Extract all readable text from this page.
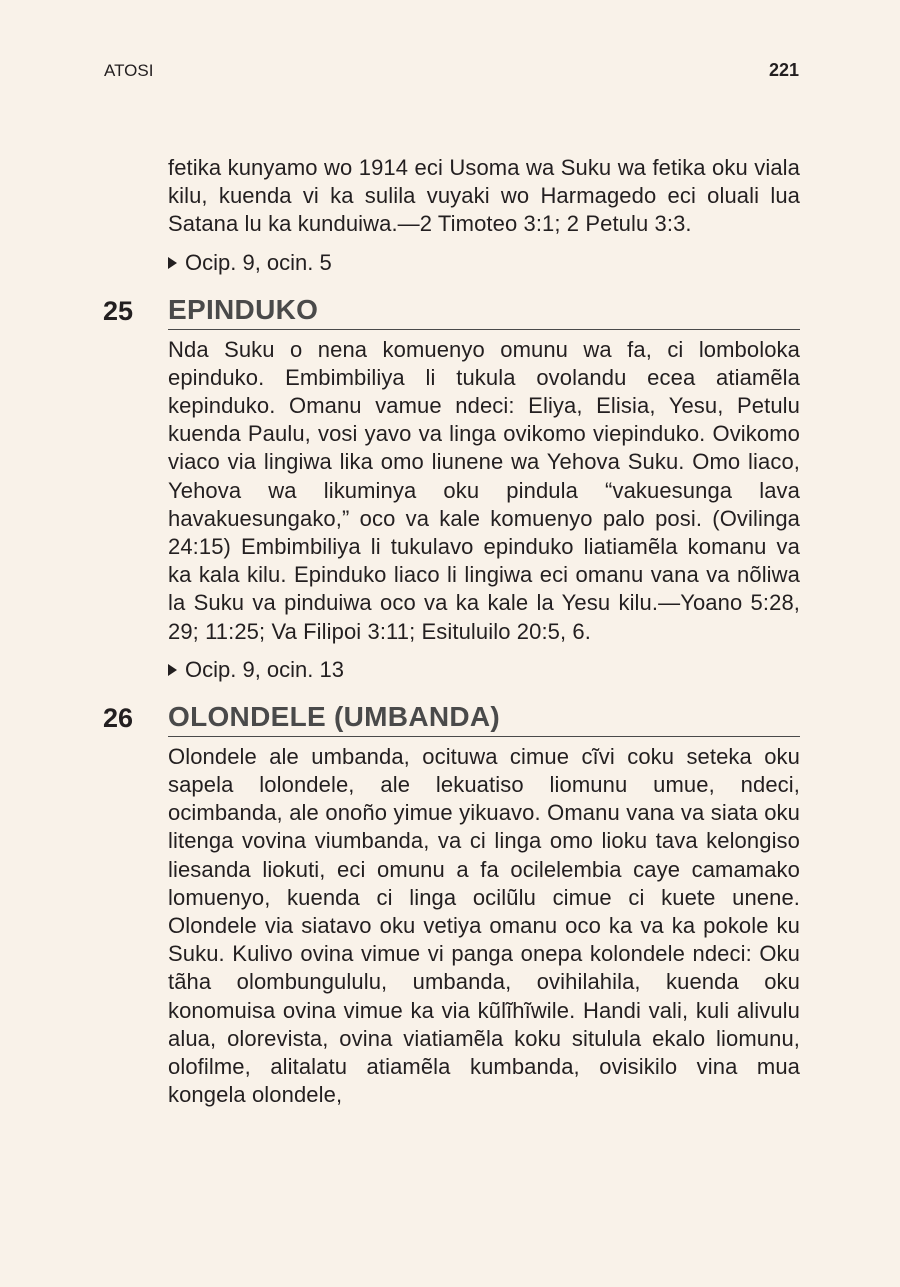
ATOSI	221

fetika kunyamo wo 1914 eci Usoma wa Suku wa fetika oku viala kilu, kuenda vi ka sulila vuyaki wo Harmagedo eci oluali lua Satana lu ka kunduiwa.—2 Timoteo 3:1; 2 Petulu 3:3.

Ocip. 9, ocin. 5
25 EPINDUKO

Nda Suku o nena komuenyo omunu wa fa, ci lomboloka epinduko. Embimbiliya li tukula ovolandu ecea atiamẽla kepinduko. Omanu vamue ndeci: Eliya, Elisia, Yesu, Petulu kuenda Paulu, vosi yavo va linga ovikomo viepinduko. Ovikomo viaco via lingiwa lika omo liunene wa Yehova Suku. Omo liaco, Yehova wa likuminya oku pindula “vakuesunga lava havakuesungako,” oco va kale komuenyo palo posi. (Ovilinga 24:15) Embimbiliya li tukulavo epinduko liatiamẽla komanu va ka kala kilu. Epinduko liaco li lingiwa eci omanu vana va nõliwa la Suku va pinduiwa oco va ka kale la Yesu kilu.—Yoano 5:28, 29; 11:25; Va Filipoi 3:11; Esituluilo 20:5, 6.

Ocip. 9, ocin. 13
26 OLONDELE (UMBANDA)

Olondele ale umbanda, ocituwa cimue cĩvi coku seteka oku sapela lolondele, ale lekuatiso liomunu umue, ndeci, ocimbanda, ale onoño yimue yikuavo. Omanu vana va siata oku litenga vovina viumbanda, va ci linga omo lioku tava kelongiso liesanda liokuti, eci omunu a fa ocilelembia caye camamako lomuenyo, kuenda ci linga ocilũlu cimue ci kuete unene. Olondele via siatavo oku vetiya omanu oco ka va ka pokole ku Suku. Kulivo ovina vimue vi panga onepa kolondele ndeci: Oku tãha olombungululu, umbanda, ovihilahila, kuenda oku konomuisa ovina vimue ka via kũlĩhĩwile. Handi vali, kuli alivulu alua, olorevista, ovina viatiamẽla koku situlula ekalo liomunu, olofilme, alitalatu atiamẽla kumbanda, ovisikilo vina mua kongela olondele,
